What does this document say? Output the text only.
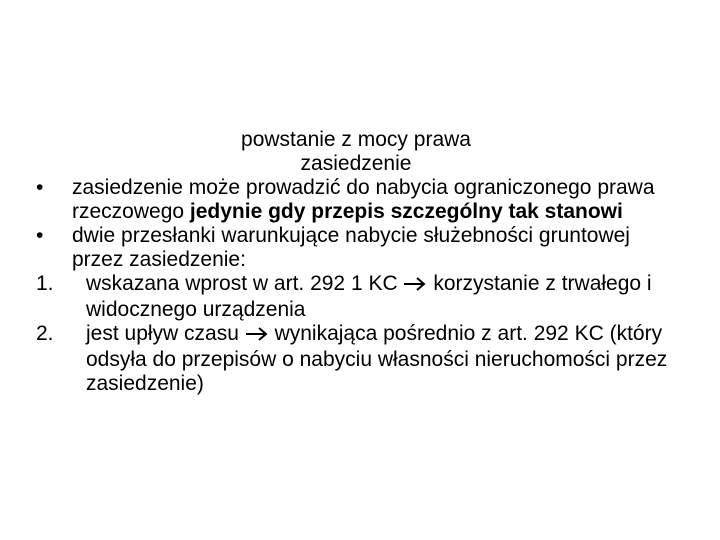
powstanie z mocy prawa
zasiedzenie
•	zasiedzenie może prowadzić do nabycia ograniczonego prawa rzeczowego jedynie gdy przepis szczególny tak stanowi
•	dwie przesłanki warunkujące nabycie służebności gruntowej przez zasiedzenie:
1.	wskazana wprost w art. 292 1 KC  korzystanie z trwałego i widocznego urządzenia
2.	jest upływ czasu  wynikająca pośrednio z art. 292 KC (który odsyła do przepisów o nabyciu własności nieruchomości przez zasiedzenie)
